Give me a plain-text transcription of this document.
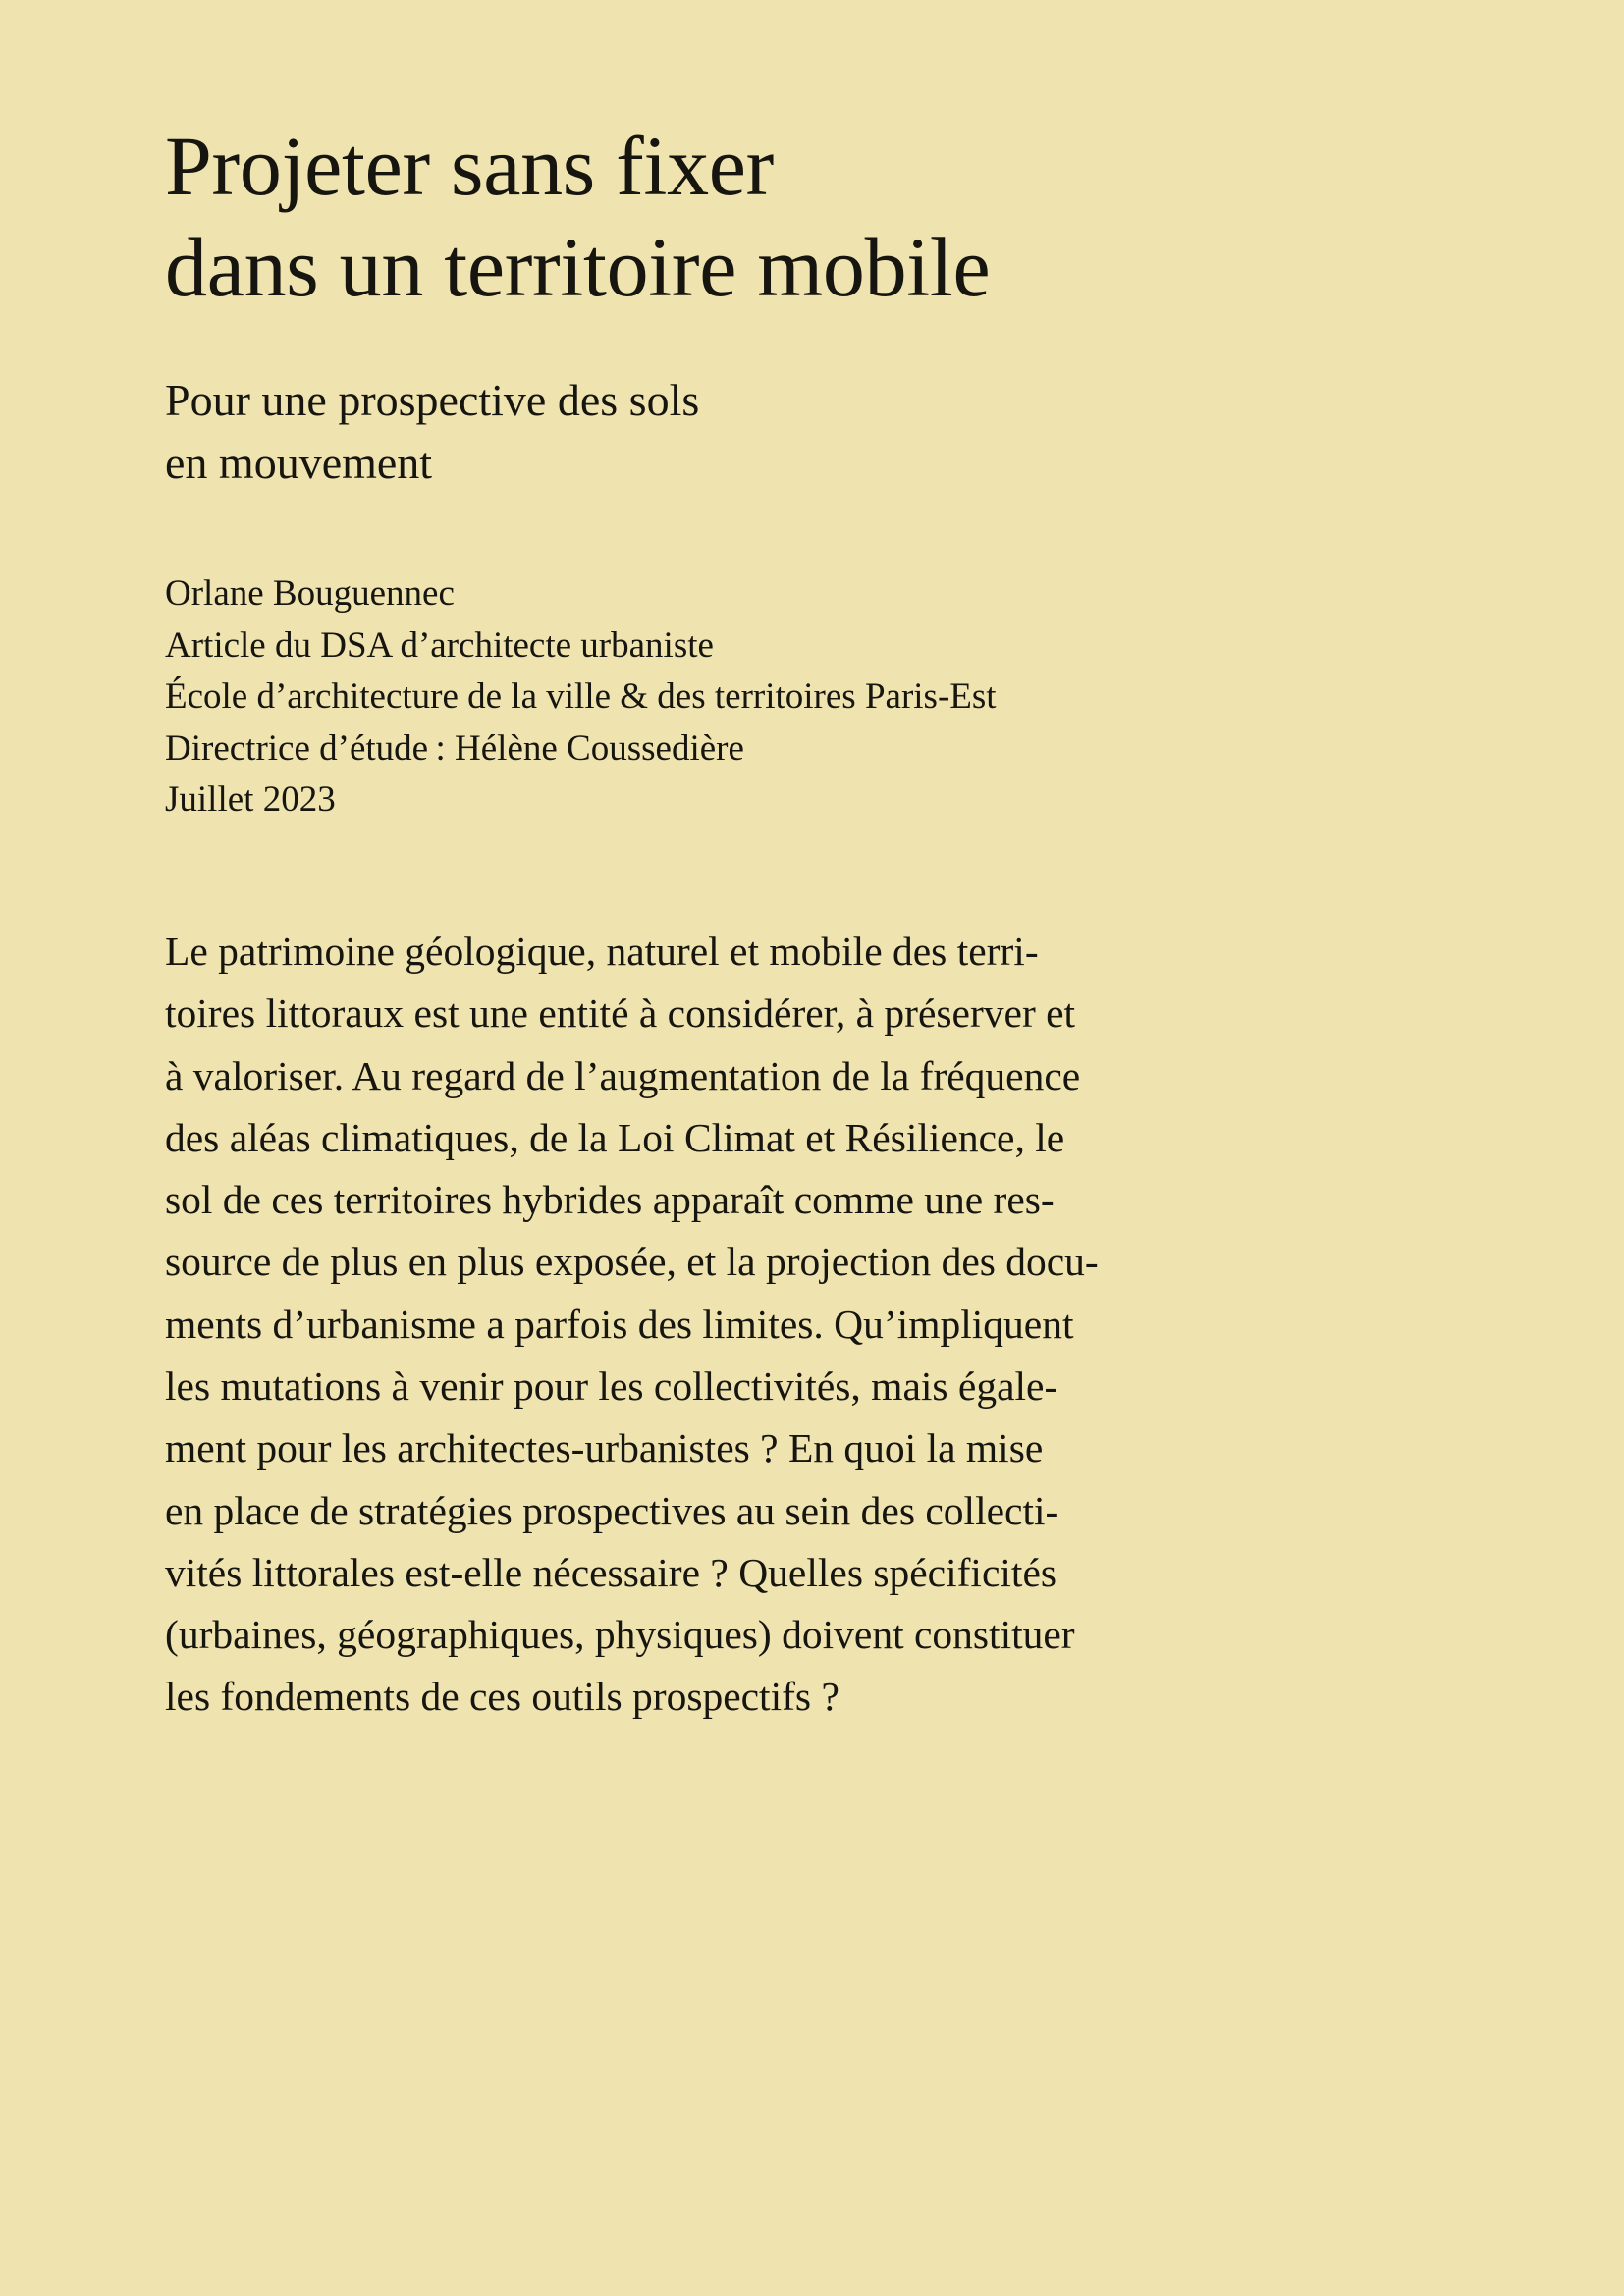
Projeter sans fixer
dans un territoire mobile
Pour une prospective des sols
en mouvement
Orlane Bouguennec
Article du DSA d’architecte urbaniste
École d’architecture de la ville & des territoires Paris-Est
Directrice d’étude : Hélène Coussedière
Juillet 2023
Le patrimoine géologique, naturel et mobile des terri-
toires littoraux est une entité à considérer, à préserver et
à valoriser. Au regard de l’augmentation de la fréquence
des aléas climatiques, de la Loi Climat et Résilience, le
sol de ces territoires hybrides apparaît comme une res-
source de plus en plus exposée, et la projection des docu-
ments d’urbanisme a parfois des limites. Qu’impliquent
les mutations à venir pour les collectivités, mais égale-
ment pour les architectes-urbanistes ? En quoi la mise
en place de stratégies prospectives au sein des collecti-
vités littorales est-elle nécessaire ? Quelles spécificités
(urbaines, géographiques, physiques) doivent constituer
les fondements de ces outils prospectifs ?
